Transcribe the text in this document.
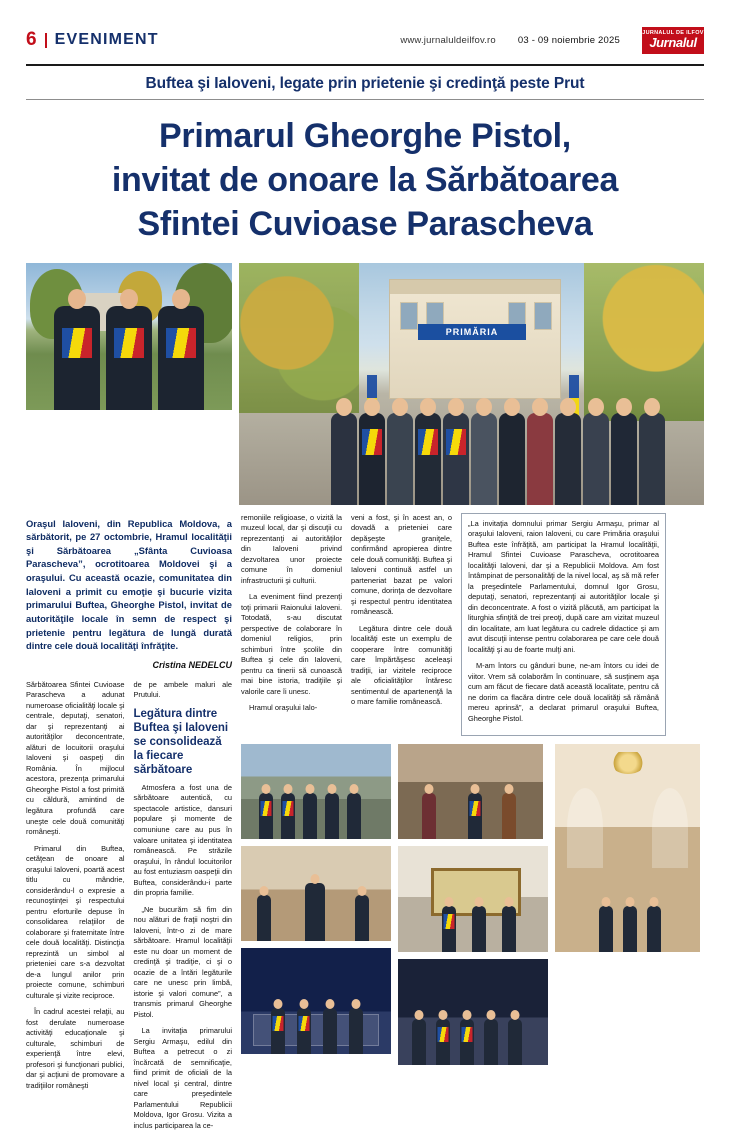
6 EVENIMENT	www.jurnaluldeilfov.ro 03 - 09 noiembrie 2025
JURNALUL DE ILFOV
Jurnalul
Buftea şi Ialoveni, legate prin prietenie şi credinţă peste Prut
Primarul Gheorghe Pistol,
invitat de onoare la Sărbătoarea
Sfintei Cuvioase Parascheva
PRIMĂRIA
Oraşul Ialoveni, din Republica Moldova, a sărbătorit, pe 27 octombrie, Hramul localităţii şi Sărbătoarea „Sfânta Cuvioasa Parascheva”, ocrotitoarea Moldovei şi a oraşului. Cu această ocazie, comunitatea din Ialoveni a primit cu emoţie şi bucurie vizita primarului Buftea, Gheorghe Pistol, invitat de autorităţile locale în semn de respect şi prietenie pentru legătura de lungă durată dintre cele două localităţi înfrăţite.
Cristina NEDELCU

Sărbătoarea Sfintei Cuvioase Parascheva a adunat numeroase oficialităţi locale şi centrale, deputaţi, senatori, dar şi reprezentanţi ai autorităţilor deconcentrate, alături de locuitorii oraşului Ialoveni şi oaspeţi din România. În mijlocul acestora, prezenţa primarului Gheorghe Pistol a fost primită cu căldură, amintind de legătura profundă care uneşte cele două comunităţi româneşti.

Primarul din Buftea, cetăţean de onoare al oraşului Ialoveni, poartă acest titlu cu mândrie, considerându-l o expresie a recunoştinţei şi respectului pentru eforturile depuse în consolidarea relaţiilor de colaborare şi fraternitate între cele două localităţi. Distincţia reprezintă un simbol al prieteniei care s-a dezvoltat de-a lungul anilor prin proiecte comune, schimburi culturale şi vizite reciproce.

În cadrul acestei relaţii, au fost derulate numeroase activităţi educaţionale şi culturale, schimburi de experienţă între elevi, profesori şi funcţionari publici, dar şi acţiuni de promovare a tradiţiilor româneşti

de pe ambele maluri ale Prutului.

Legătura dintre Buftea şi Ialoveni se consolidează la fiecare sărbătoare

Atmosfera a fost una de sărbătoare autentică, cu spectacole artistice, dansuri populare şi momente de comuniune care au pus în valoare unitatea şi identitatea românească. Pe străzile oraşului, în rândul locuitorilor au fost entuziasm oaspeţii din Buftea, considerându-i parte din propria familie.

„Ne bucurăm să fim din nou alături de fraţii noştri din Ialoveni, într-o zi de mare sărbătoare. Hramul localităţii este nu doar un moment de credinţă şi tradiţie, ci şi o ocazie de a întări legăturile care ne unesc prin limbă, istorie şi valori comune”, a transmis primarul Gheorghe Pistol.

La invitaţia primarului Sergiu Armaşu, edilul din Buftea a petrecut o zi încărcată de semnificaţie, fiind primit de oficiali de la nivel local şi central, dintre care preşedintele Parlamentului Republicii Moldova, Igor Grosu. Vizita a inclus participarea la ce-

remoniile religioase, o vizită la muzeul local, dar şi discuţii cu reprezentanţi ai autorităţilor din Ialoveni privind dezvoltarea unor proiecte comune în domeniul infrastructurii şi culturii.

La eveniment fiind prezenţi toţi primarii Raionului Ialoveni. Totodată, s-au discutat perspective de colaborare în domeniul religios, prin schimburi între şcolile din Buftea şi cele din Ialoveni, pentru ca tinerii să cunoască mai bine istoria, tradiţiile şi valorile care îi unesc.

Hramul oraşului Ialo-

veni a fost, şi în acest an, o dovadă a prieteniei care depăşeşte graniţele, confirmând apropierea dintre cele două comunităţi. Buftea şi Ialoveni continuă astfel un parteneriat bazat pe valori comune, dorinţa de dezvoltare şi respectul pentru identitatea românească.

Legătura dintre cele două localităţi este un exemplu de cooperare între comunităţi care împărtăşesc aceleaşi tradiţii, iar vizitele reciproce ale oficialităţilor întăresc sentimentul de apartenenţă la o mare familie românească.

„La invitaţia domnului primar Sergiu Armaşu, primar al oraşului Ialoveni, raion Ialoveni, cu care Primăria oraşului Buftea este înfrăţită, am participat la Hramul localităţii, Hramul Sfintei Cuvioase Parascheva, ocrotitoarea localităţii Ialoveni, dar şi a Republicii Moldova. Am fost întâmpinat de personalităţi de la nivel local, aş să mă refer la preşedintele Parlamentului, domnul Igor Grosu, deputaţi, senatori, reprezentanţi ai autorităţilor locale şi din deconcentrate. A fost o vizită plăcută, am participat la liturghia sfinţită de trei preoţi, după care am vizitat muzeul din localitate, am luat legătura cu cadrele didactice şi am avut discuţii intense pentru colaborarea pe care cele două localităţi şi au de foarte mulţi ani.

M-am întors cu gânduri bune, ne-am întors cu idei de viitor. Vrem să colaborăm în continuare, să susţinem aşa cum am făcut de fiecare dată această localitate, pentru că ne dorim ca flacăra dintre cele două localităţi să rămână mereu aprinsă”, a declarat primarul oraşului Buftea, Gheorghe Pistol.
